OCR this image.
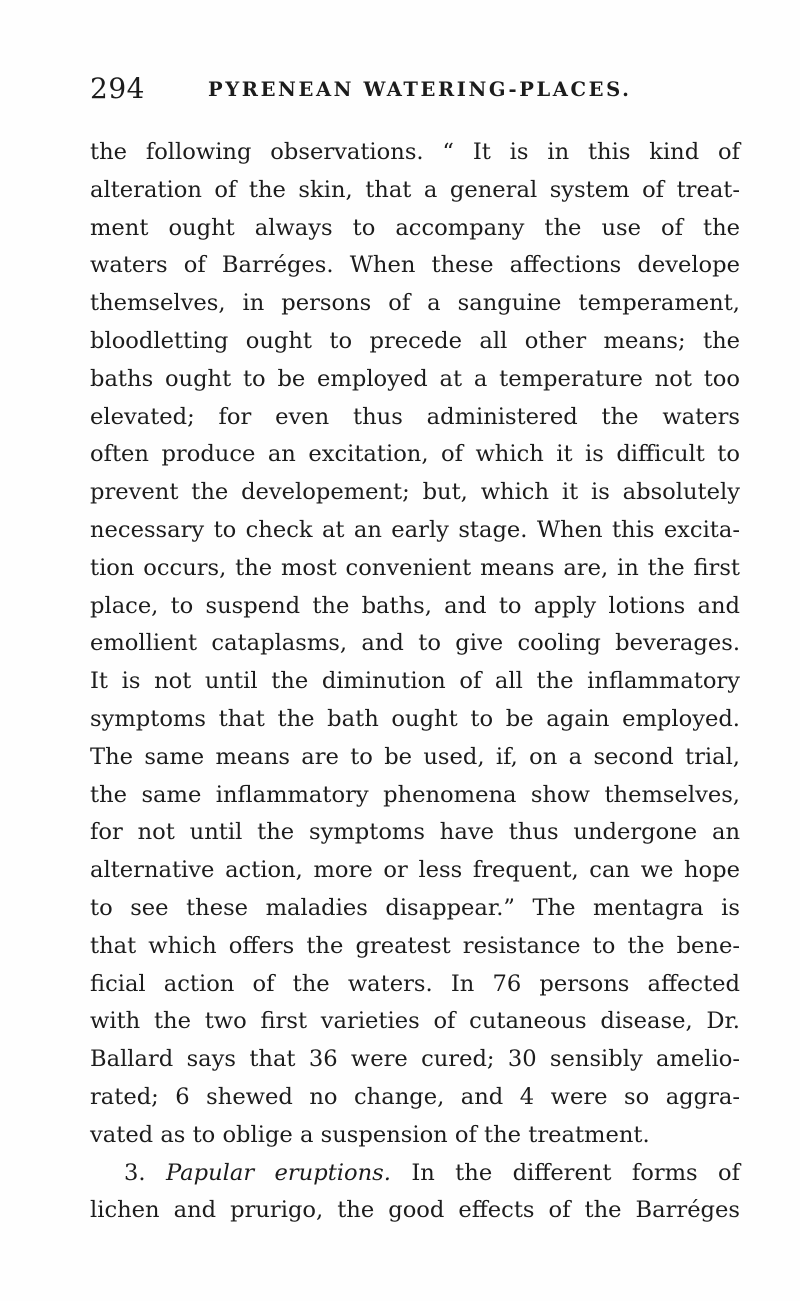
294	PYRENEAN WATERING-PLACES.
the following observations. “ It is in this kind of
alteration of the skin, that a general system of treat-
ment ought always to accompany the use of the
waters of Barréges. When these affections develope
themselves, in persons of a sanguine temperament,
bloodletting ought to precede all other means; the
baths ought to be employed at a temperature not too
elevated; for even thus administered the waters
often produce an excitation, of which it is difficult to
prevent the developement; but, which it is absolutely
necessary to check at an early stage. When this excita-
tion occurs, the most convenient means are, in the first
place, to suspend the baths, and to apply lotions and
emollient cataplasms, and to give cooling beverages.
It is not until the diminution of all the inflammatory
symptoms that the bath ought to be again employed.
The same means are to be used, if, on a second trial,
the same inflammatory phenomena show themselves,
for not until the symptoms have thus undergone an
alternative action, more or less frequent, can we hope
to see these maladies disappear.” The mentagra is
that which offers the greatest resistance to the bene-
ficial action of the waters. In 76 persons affected
with the two first varieties of cutaneous disease, Dr.
Ballard says that 36 were cured; 30 sensibly amelio-
rated; 6 shewed no change, and 4 were so aggra-
vated as to oblige a suspension of the treatment.
3. Papular eruptions. In the different forms of
lichen and prurigo, the good effects of the Barréges
